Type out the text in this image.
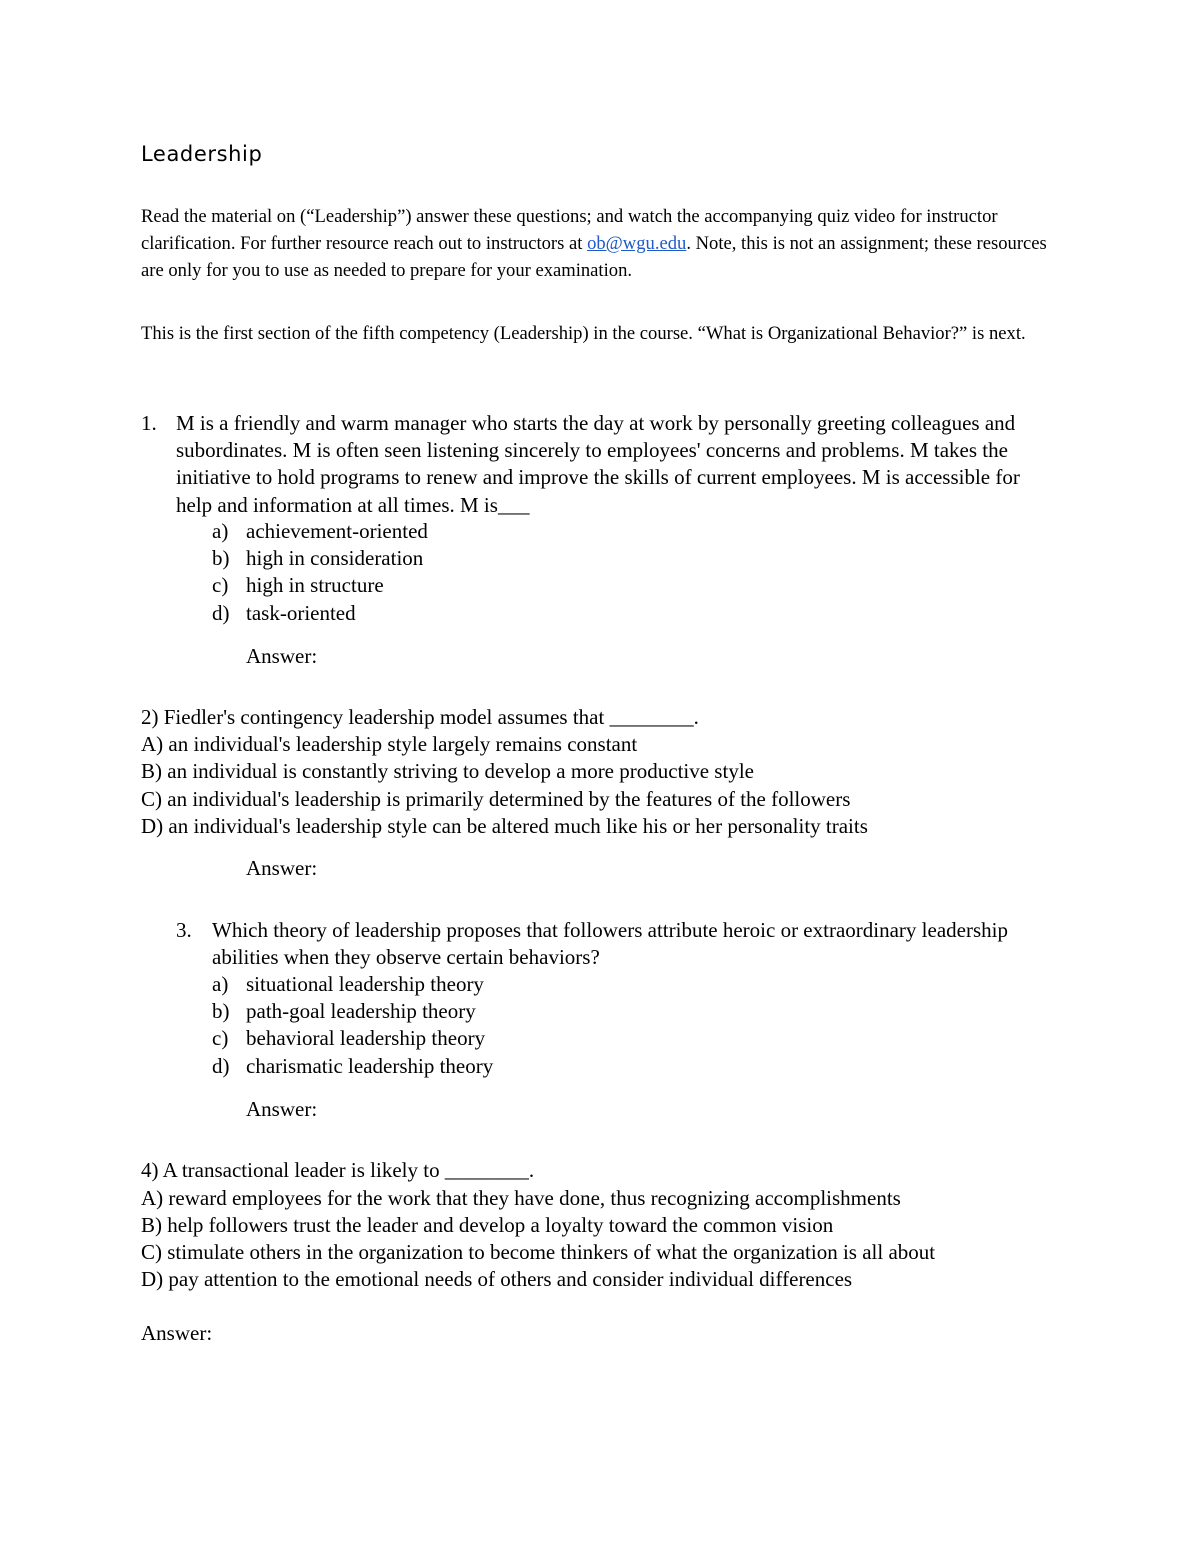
Leadership

Read the material on (“Leadership”) answer these questions; and watch the accompanying quiz video for instructor clarification. For further resource reach out to instructors at ob@wgu.edu. Note, this is not an assignment; these resources are only for you to use as needed to prepare for your examination.

This is the first section of the fifth competency (Leadership) in the course. “What is Organizational Behavior?” is next.

1. M is a friendly and warm manager who starts the day at work by personally greeting colleagues and subordinates. M is often seen listening sincerely to employees' concerns and problems. M takes the initiative to hold programs to renew and improve the skills of current employees. M is accessible for help and information at all times. M is___

a) achievement-oriented
b) high in consideration
c) high in structure
d) task-oriented
Answer:

2) Fiedler's contingency leadership model assumes that ________.

A) an individual's leadership style largely remains constant

B) an individual is constantly striving to develop a more productive style

C) an individual's leadership is primarily determined by the features of the followers

D) an individual's leadership style can be altered much like his or her personality traits

Answer:
3. Which theory of leadership proposes that followers attribute heroic or extraordinary leadership abilities when they observe certain behaviors?

a) situational leadership theory
b) path-goal leadership theory
c) behavioral leadership theory
d) charismatic leadership theory
Answer:

4) A transactional leader is likely to ________.

A) reward employees for the work that they have done, thus recognizing accomplishments

B) help followers trust the leader and develop a loyalty toward the common vision

C) stimulate others in the organization to become thinkers of what the organization is all about

D) pay attention to the emotional needs of others and consider individual differences

Answer:
